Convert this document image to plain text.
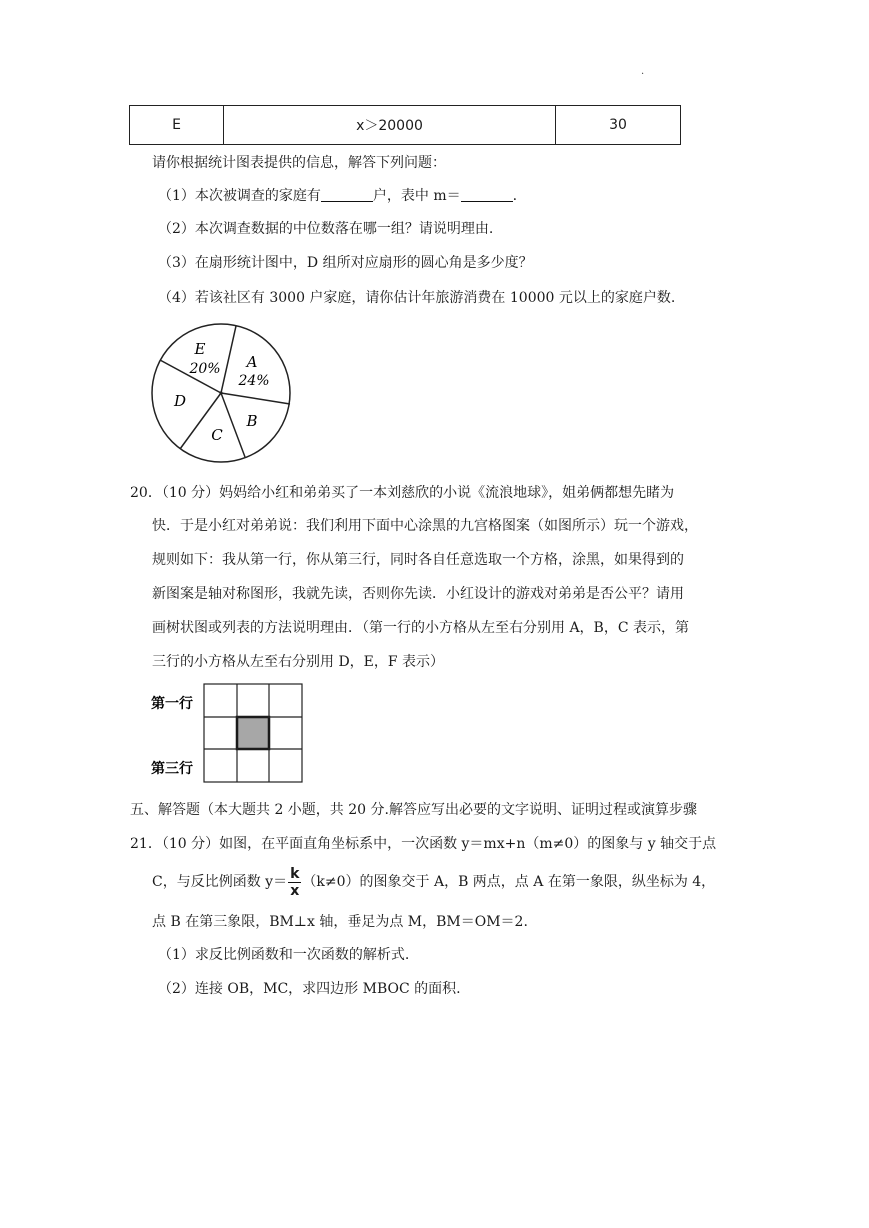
.
E	x＞20000	30
请你根据统计图表提供的信息，解答下列问题：
（1）本次被调查的家庭有	户，表中 m＝	.
（2）本次调查数据的中位数落在哪一组？请说明理由.
（3）在扇形统计图中，D 组所对应扇形的圆心角是多少度？
（4）若该社区有 3000 户家庭，请你估计年旅游消费在 10000 元以上的家庭户数.
E
20% A
24%
B
C
D
20．（10 分）妈妈给小红和弟弟买了一本刘慈欣的小说《流浪地球》，姐弟俩都想先睹为
快．于是小红对弟弟说：我们利用下面中心涂黑的九宫格图案（如图所示）玩一个游戏，
规则如下：我从第一行，你从第三行，同时各自任意选取一个方格，涂黑，如果得到的
新图案是轴对称图形，我就先读，否则你先读．小红设计的游戏对弟弟是否公平？请用
画树状图或列表的方法说明理由．（第一行的小方格从左至右分别用 A，B，C 表示，第
三行的小方格从左至右分别用 D，E，F 表示）
第一行
第三行
五、解答题（本大题共 2 小题，共 20 分.解答应写出必要的文字说明、证明过程或演算步骤
21．（10 分）如图，在平面直角坐标系中，一次函数 y＝mx+n（m≠0）的图象与 y 轴交于点
C，与反比例函数 $y= \frac{k}{x} (k\ne 0)$的图象交于 A，B 两点，点 A 在第一象限，纵坐标为 4，
点 B 在第三象限，BM⊥x 轴，垂足为点 M，BM＝OM＝2.
（1）求反比例函数和一次函数的解析式.
（2）连接 OB，MC，求四边形 MBOC 的面积.
